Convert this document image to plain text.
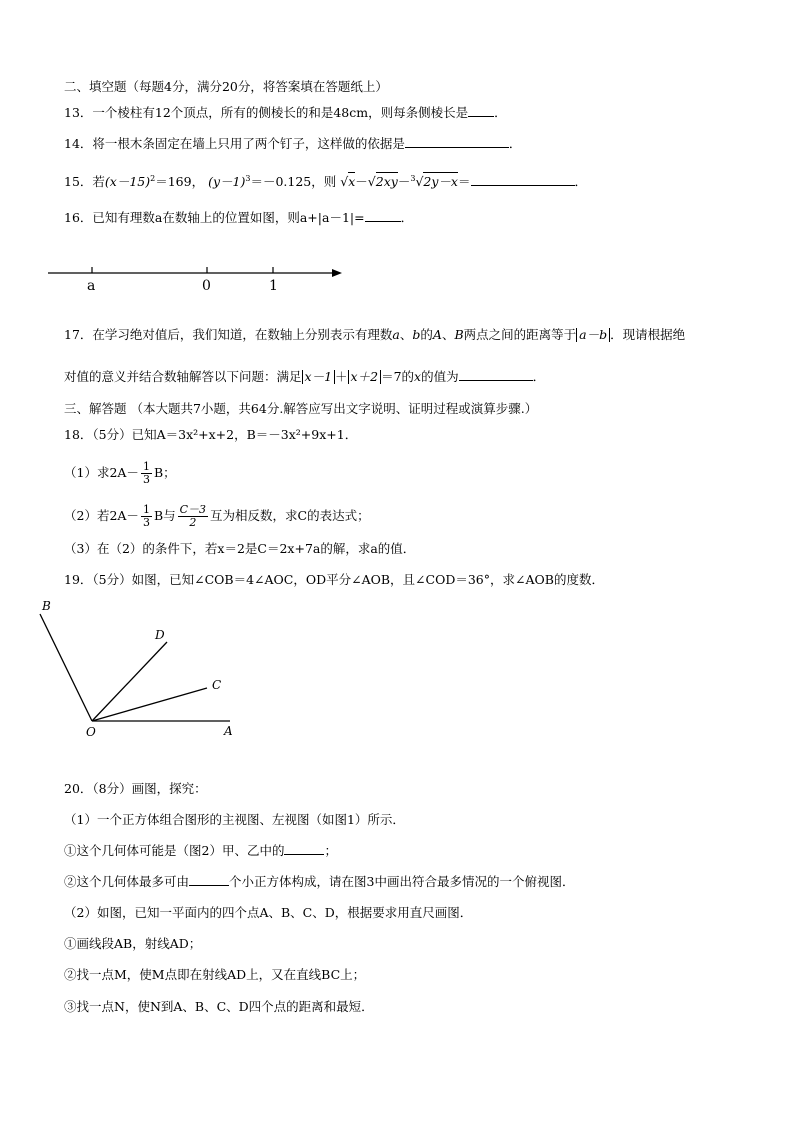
二、填空题（每题4分，满分20分，将答案填在答题纸上）
13．一个棱柱有12个顶点，所有的侧棱长的和是48cm，则每条侧棱长是 ．
14．将一根木条固定在墙上只用了两个钉子，这样做的依据是	．
15．若$(x-15)^2=169$， $(y-1)^3=-0.125$，则 √x－√2xy－$^3$√2y－x＝	．
16．已知有理数a在数轴上的位置如图，则a+|a－1|=	．
a	0	1
17．在学习绝对值后，我们知道，在数轴上分别表示有理数a、b的A、B两点之间的距离等于 a－b ．现请根据绝
对值的意义并结合数轴解答以下问题：满足 x－1 ＋ x＋2 ＝7的x的值为	．
三、解答题 （本大题共7小题，共64分.解答应写出文字说明、证明过程或演算步骤.）
18．（5分）已知A＝3x²+x+2，B＝－3x²+9x+1．
（1）求$2A- \frac{1}{3}$ B；
（2）若$2A- \frac{1}{3}$ B与 $\frac{C-3}{2}$ 互为相反数，求C的表达式；
（3）在（2）的条件下，若x＝2是C＝2x+7a的解，求a的值．
19．（5分）如图，已知∠COB＝4∠AOC，OD平分∠AOB，且∠COD＝36°，求∠AOB的度数．
B
D
C
O	A
20．（8分）画图，探究：
（1）一个正方体组合图形的主视图、左视图（如图1）所示．
①这个几何体可能是（图2）甲、乙中的	；
②这个几何体最多可由	个小正方体构成，请在图3中画出符合最多情况的一个俯视图．
（2）如图，已知一平面内的四个点A、B、C、D，根据要求用直尺画图．
①画线段AB，射线AD；
②找一点M，使M点即在射线AD上，又在直线BC上；
③找一点N，使N到A、B、C、D四个点的距离和最短．
